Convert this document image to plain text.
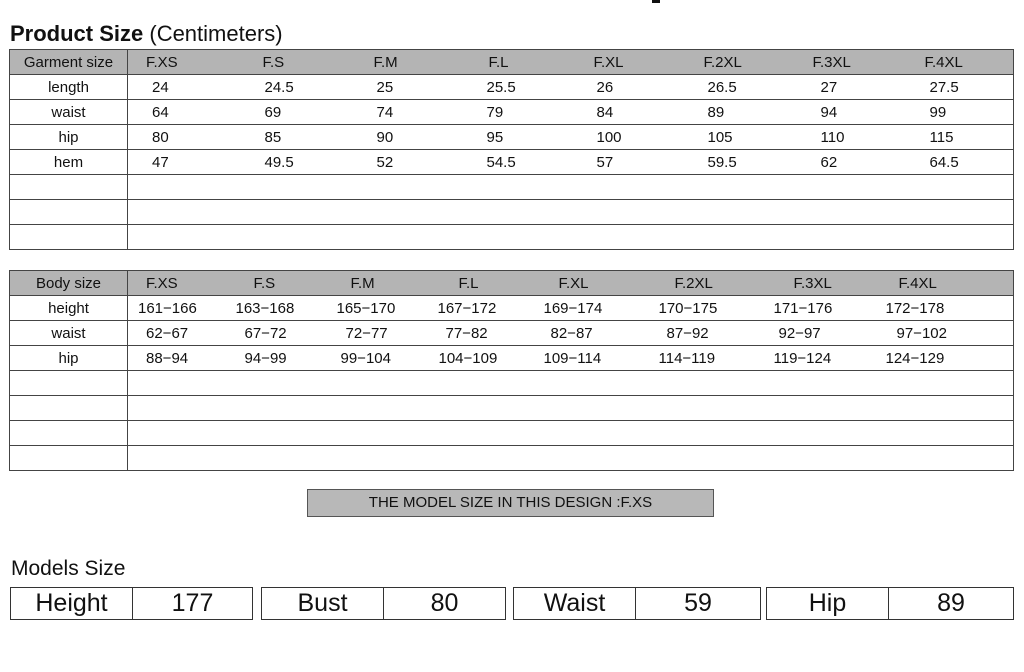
Product Size (Centimeters)
Garment size	F.XS	F.S	F.M	F.L	F.XL	F.2XL	F.3XL	F.4XL
length	24	24.5	25	25.5	26	26.5	27	27.5
waist	64	69	74	79	84	89	94	99
hip	80	85	90	95	100	105	110	115
hem	47	49.5	52	54.5	57	59.5	62	64.5

Body size	F.XS	F.S	F.M	F.L	F.XL	F.2XL	F.3XL	F.4XL
height	161−166	163−168	165−170	167−172	169−174	170−175	171−176	172−178
waist	62−67	67−72	72−77	77−82	82−87	87−92	92−97	97−102
hip	88−94	94−99	99−104	104−109	109−114	114−119	119−124	124−129

THE MODEL SIZE IN THIS DESIGN :F.XS
Models Size
Height	177	Bust	80	Waist	59	Hip	89
